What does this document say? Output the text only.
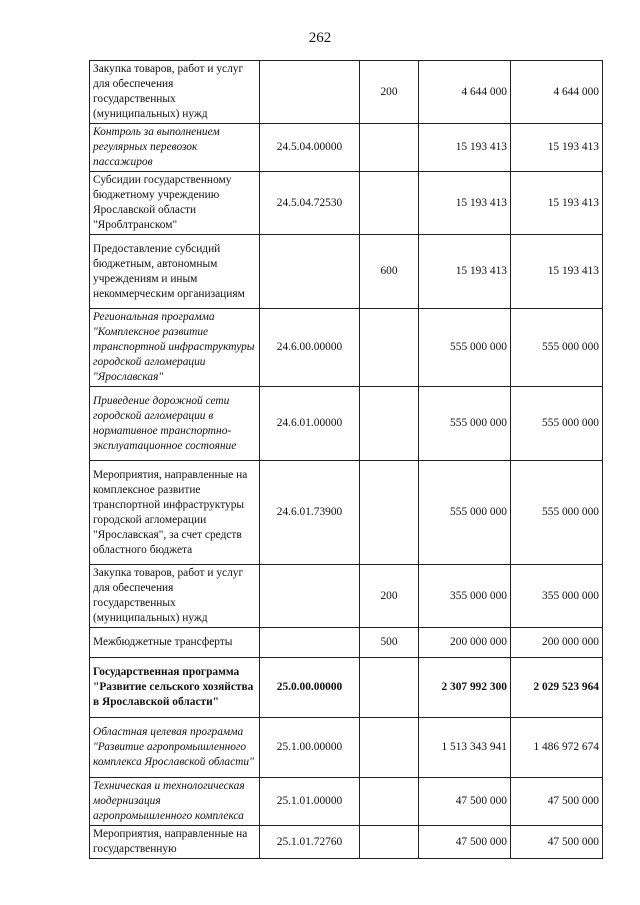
262
Закупка товаров, работ и услуг для обеспечения государственных (муниципальных) нужд		200	4 644 000	4 644 000
Контроль за выполнением регулярных перевозок пассажиров	24.5.04.00000		15 193 413	15 193 413
Субсидии государственному бюджетному учреждению Ярославской области "Яроблтранском"	24.5.04.72530		15 193 413	15 193 413
Предоставление субсидий бюджетным, автономным учреждениям и иным некоммерческим организациям		600	15 193 413	15 193 413
Региональная программа "Комплексное развитие транспортной инфраструктуры городской агломерации "Ярославская"	24.6.00.00000		555 000 000	555 000 000
Приведение дорожной сети городской агломерации в нормативное транспортно-эксплуатационное состояние	24.6.01.00000		555 000 000	555 000 000
Мероприятия, направленные на комплексное развитие транспортной инфраструктуры городской агломерации "Ярославская", за счет средств областного бюджета	24.6.01.73900		555 000 000	555 000 000
Закупка товаров, работ и услуг для обеспечения государственных (муниципальных) нужд		200	355 000 000	355 000 000
Межбюджетные трансферты		500	200 000 000	200 000 000
Государственная программа "Развитие сельского хозяйства в Ярославской области"	25.0.00.00000		2 307 992 300	2 029 523 964
Областная целевая программа "Развитие агропромышленного комплекса Ярославской области"	25.1.00.00000		1 513 343 941	1 486 972 674
Техническая и технологическая модернизация агропромышленного комплекса	25.1.01.00000		47 500 000	47 500 000
Мероприятия, направленные на государственную	25.1.01.72760		47 500 000	47 500 000
